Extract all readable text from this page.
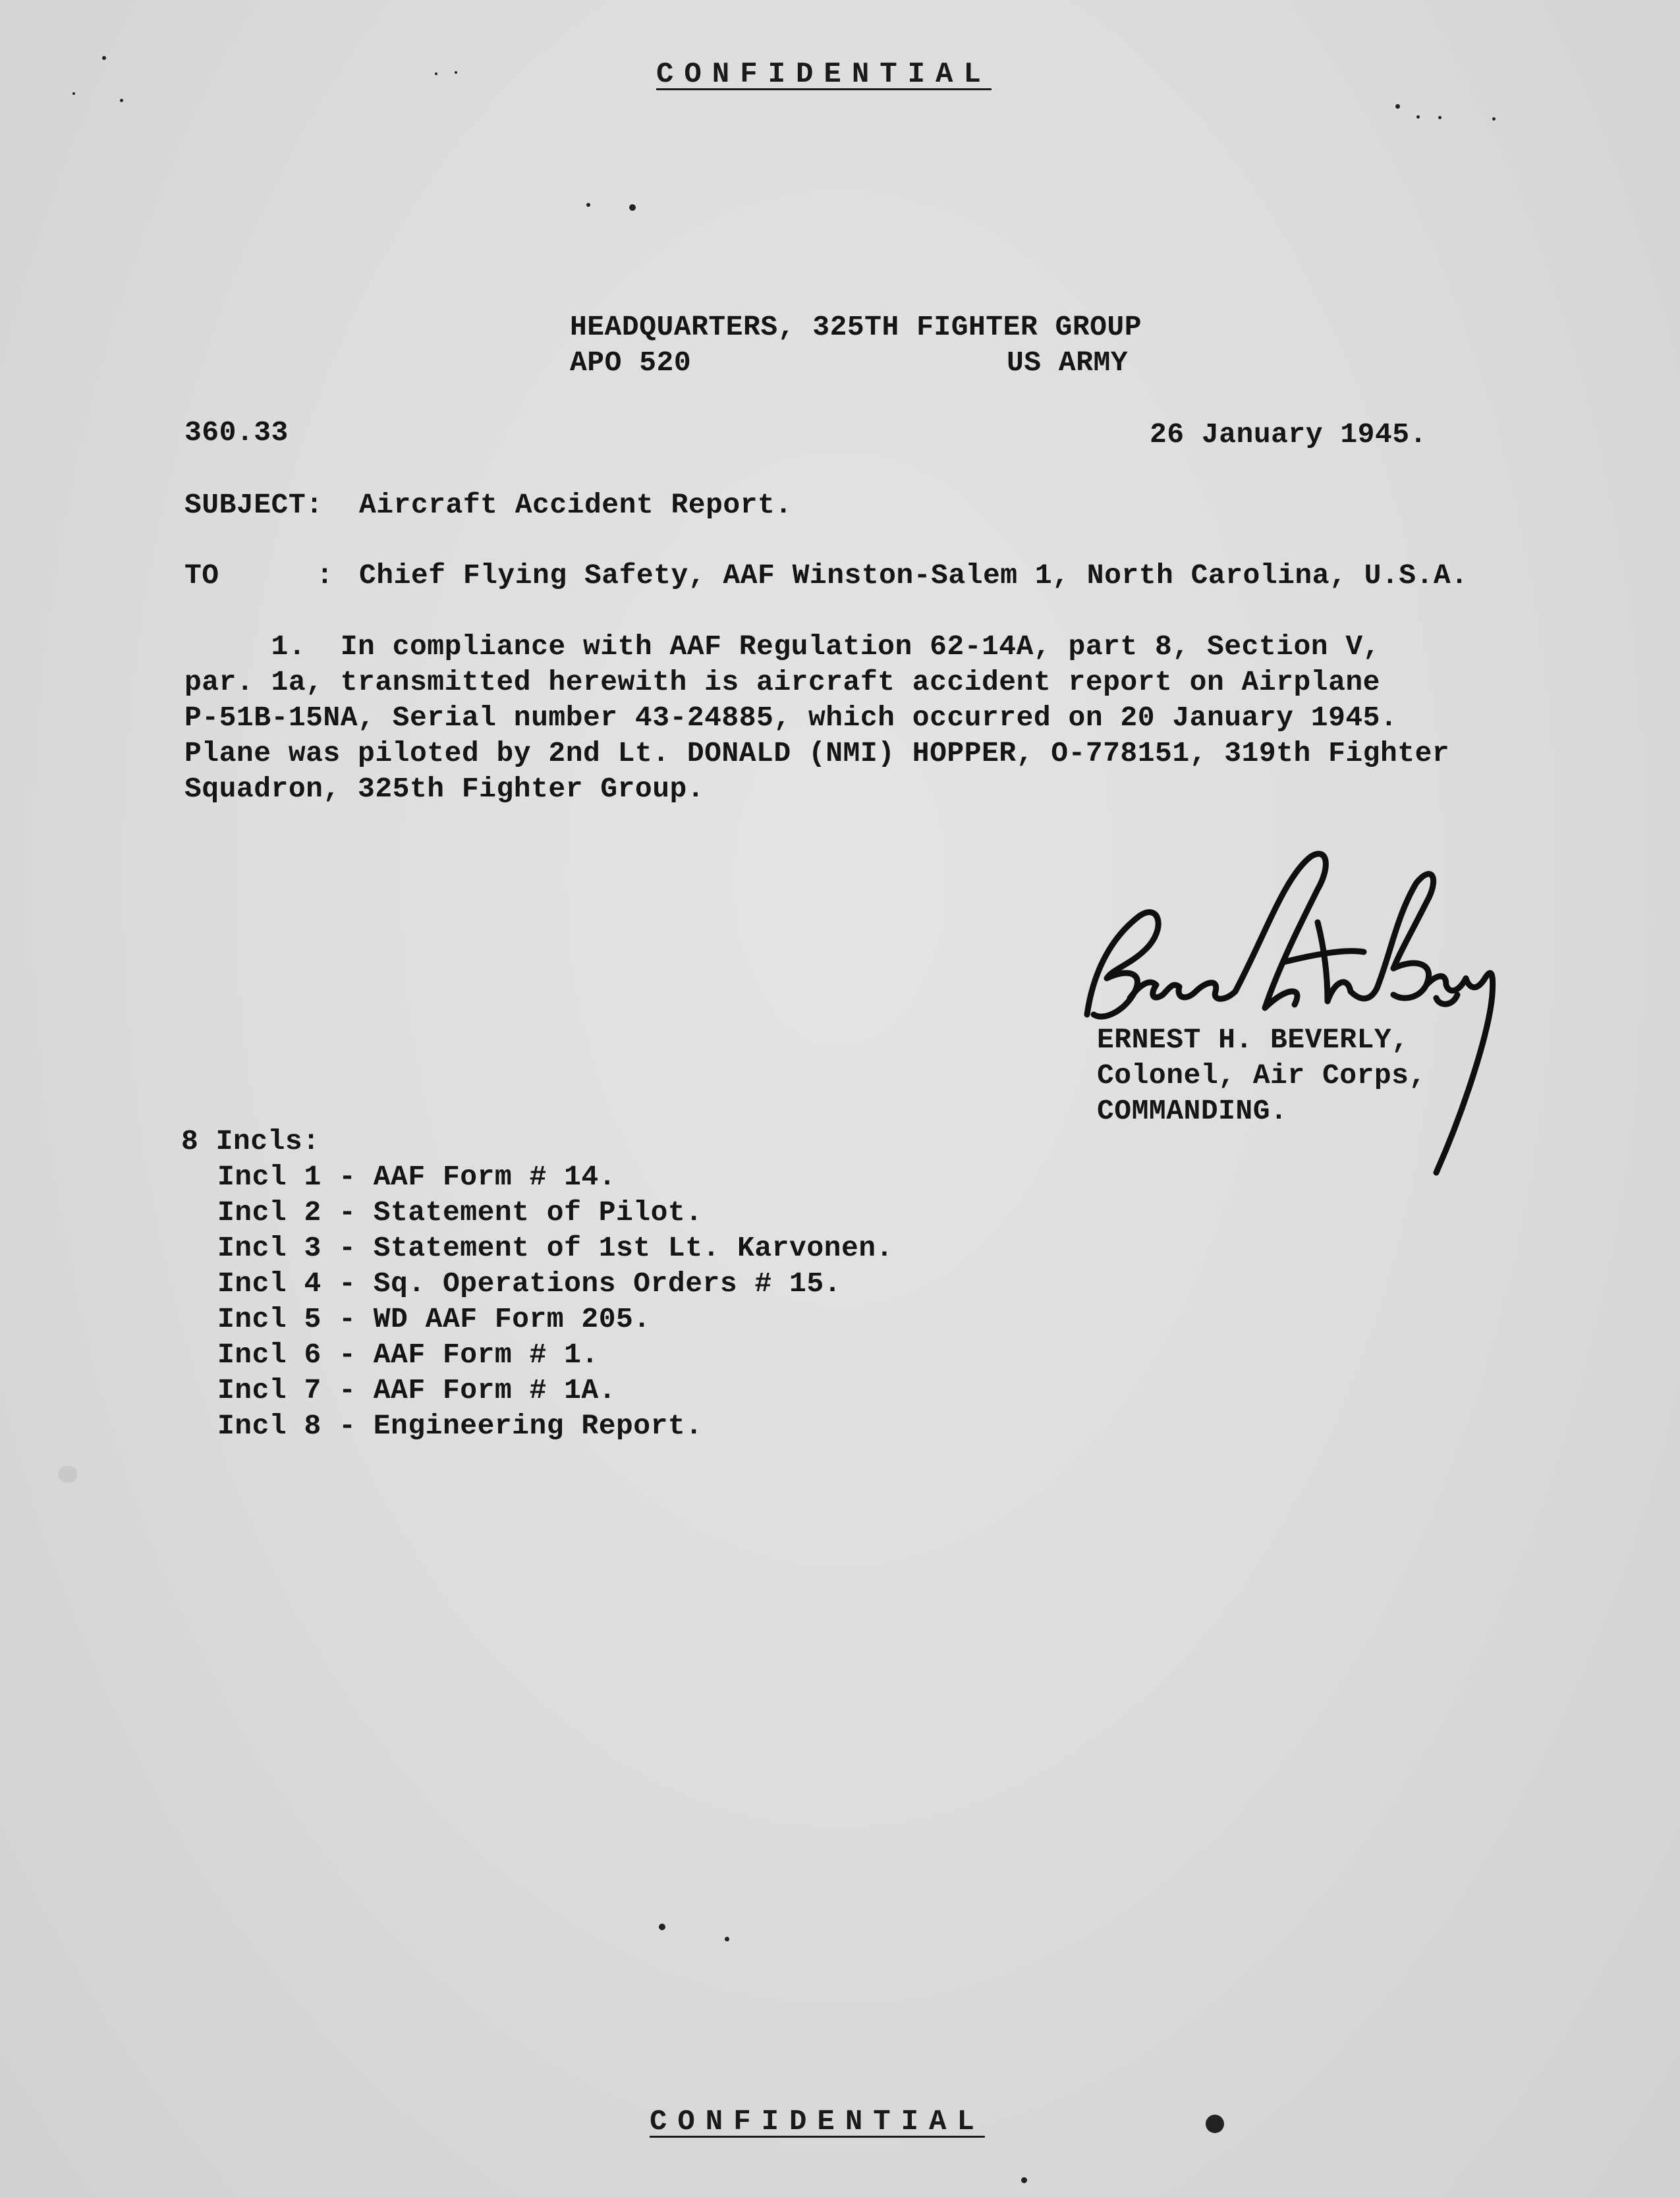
CONFIDENTIAL
HEADQUARTERS, 325TH FIGHTER GROUP
APO 520	US ARMY
360.33	26 January 1945.
SUBJECT: Aircraft Accident Report.
TO	: Chief Flying Safety, AAF Winston-Salem 1, North Carolina, U.S.A.
1.  In compliance with AAF Regulation 62-14A, part 8, Section V,
par. 1a, transmitted herewith is aircraft accident report on Airplane
P-51B-15NA, Serial number 43-24885, which occurred on 20 January 1945.
Plane was piloted by 2nd Lt. DONALD (NMI) HOPPER, O-778151, 319th Fighter
Squadron, 325th Fighter Group.
ERNEST H. BEVERLY,
Colonel, Air Corps,
COMMANDING.
8 Incls:
Incl 1 - AAF Form # 14.
Incl 2 - Statement of Pilot.
Incl 3 - Statement of 1st Lt. Karvonen.
Incl 4 - Sq. Operations Orders # 15.
Incl 5 - WD AAF Form 205.
Incl 6 - AAF Form # 1.
Incl 7 - AAF Form # 1A.
Incl 8 - Engineering Report.
CONFIDENTIAL
